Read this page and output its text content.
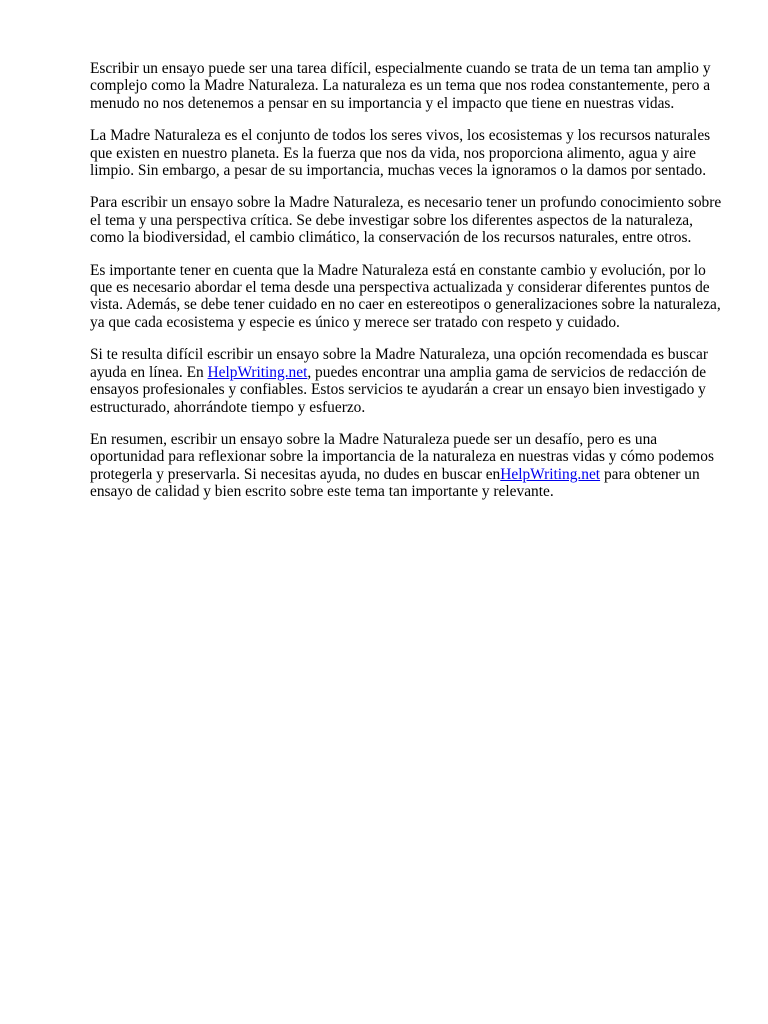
Escribir un ensayo puede ser una tarea difícil, especialmente cuando se trata de un tema tan amplio y complejo como la Madre Naturaleza. La naturaleza es un tema que nos rodea constantemente, pero a menudo no nos detenemos a pensar en su importancia y el impacto que tiene en nuestras vidas.

La Madre Naturaleza es el conjunto de todos los seres vivos, los ecosistemas y los recursos naturales que existen en nuestro planeta. Es la fuerza que nos da vida, nos proporciona alimento, agua y aire limpio. Sin embargo, a pesar de su importancia, muchas veces la ignoramos o la damos por sentado.

Para escribir un ensayo sobre la Madre Naturaleza, es necesario tener un profundo conocimiento sobre el tema y una perspectiva crítica. Se debe investigar sobre los diferentes aspectos de la naturaleza, como la biodiversidad, el cambio climático, la conservación de los recursos naturales, entre otros.

Es importante tener en cuenta que la Madre Naturaleza está en constante cambio y evolución, por lo que es necesario abordar el tema desde una perspectiva actualizada y considerar diferentes puntos de vista. Además, se debe tener cuidado en no caer en estereotipos o generalizaciones sobre la naturaleza, ya que cada ecosistema y especie es único y merece ser tratado con respeto y cuidado.

Si te resulta difícil escribir un ensayo sobre la Madre Naturaleza, una opción recomendada es buscar ayuda en línea. En HelpWriting.net, puedes encontrar una amplia gama de servicios de redacción de ensayos profesionales y confiables. Estos servicios te ayudarán a crear un ensayo bien investigado y estructurado, ahorrándote tiempo y esfuerzo.

En resumen, escribir un ensayo sobre la Madre Naturaleza puede ser un desafío, pero es una oportunidad para reflexionar sobre la importancia de la naturaleza en nuestras vidas y cómo podemos protegerla y preservarla. Si necesitas ayuda, no dudes en buscar enHelpWriting.net para obtener un ensayo de calidad y bien escrito sobre este tema tan importante y relevante.
